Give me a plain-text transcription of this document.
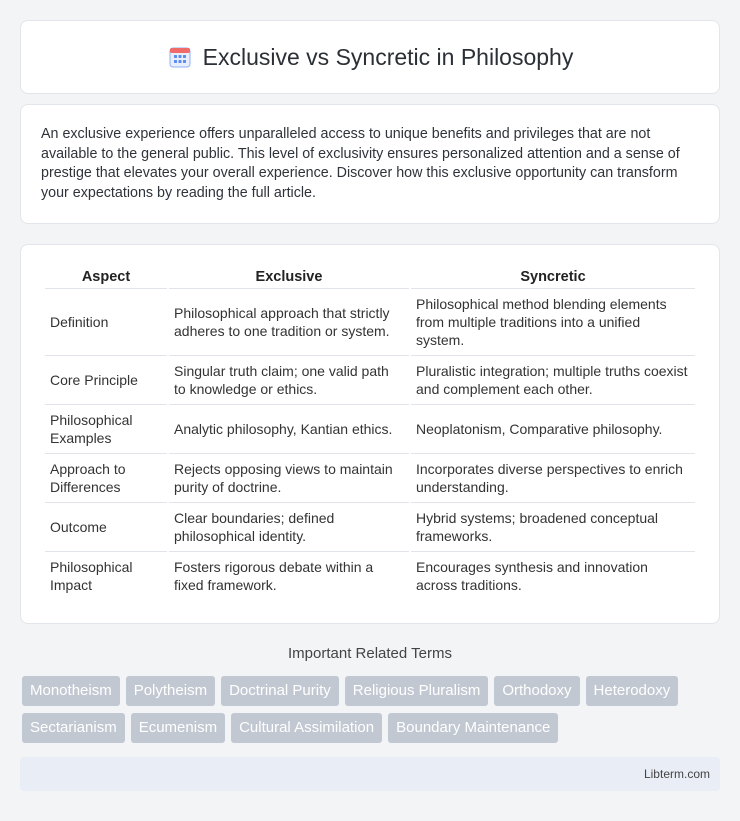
Exclusive vs Syncretic in Philosophy

An exclusive experience offers unparalleled access to unique benefits and privileges that are not available to the general public. This level of exclusivity ensures personalized attention and a sense of prestige that elevates your overall experience. Discover how this exclusive opportunity can transform your expectations by reading the full article.

Aspect	Exclusive	Syncretic
Definition	Philosophical approach that strictly adheres to one tradition or system.	Philosophical method blending elements from multiple traditions into a unified system.
Core Principle	Singular truth claim; one valid path to knowledge or ethics.	Pluralistic integration; multiple truths coexist and complement each other.
Philosophical Examples	Analytic philosophy, Kantian ethics.	Neoplatonism, Comparative philosophy.
Approach to Differences	Rejects opposing views to maintain purity of doctrine.	Incorporates diverse perspectives to enrich understanding.
Outcome	Clear boundaries; defined philosophical identity.	Hybrid systems; broadened conceptual frameworks.
Philosophical Impact	Fosters rigorous debate within a fixed framework.	Encourages synthesis and innovation across traditions.
Important Related Terms
Monotheism	Polytheism	Doctrinal Purity	Religious Pluralism	Orthodoxy	Heterodoxy
Sectarianism	Ecumenism	Cultural Assimilation	Boundary Maintenance
Libterm.com
